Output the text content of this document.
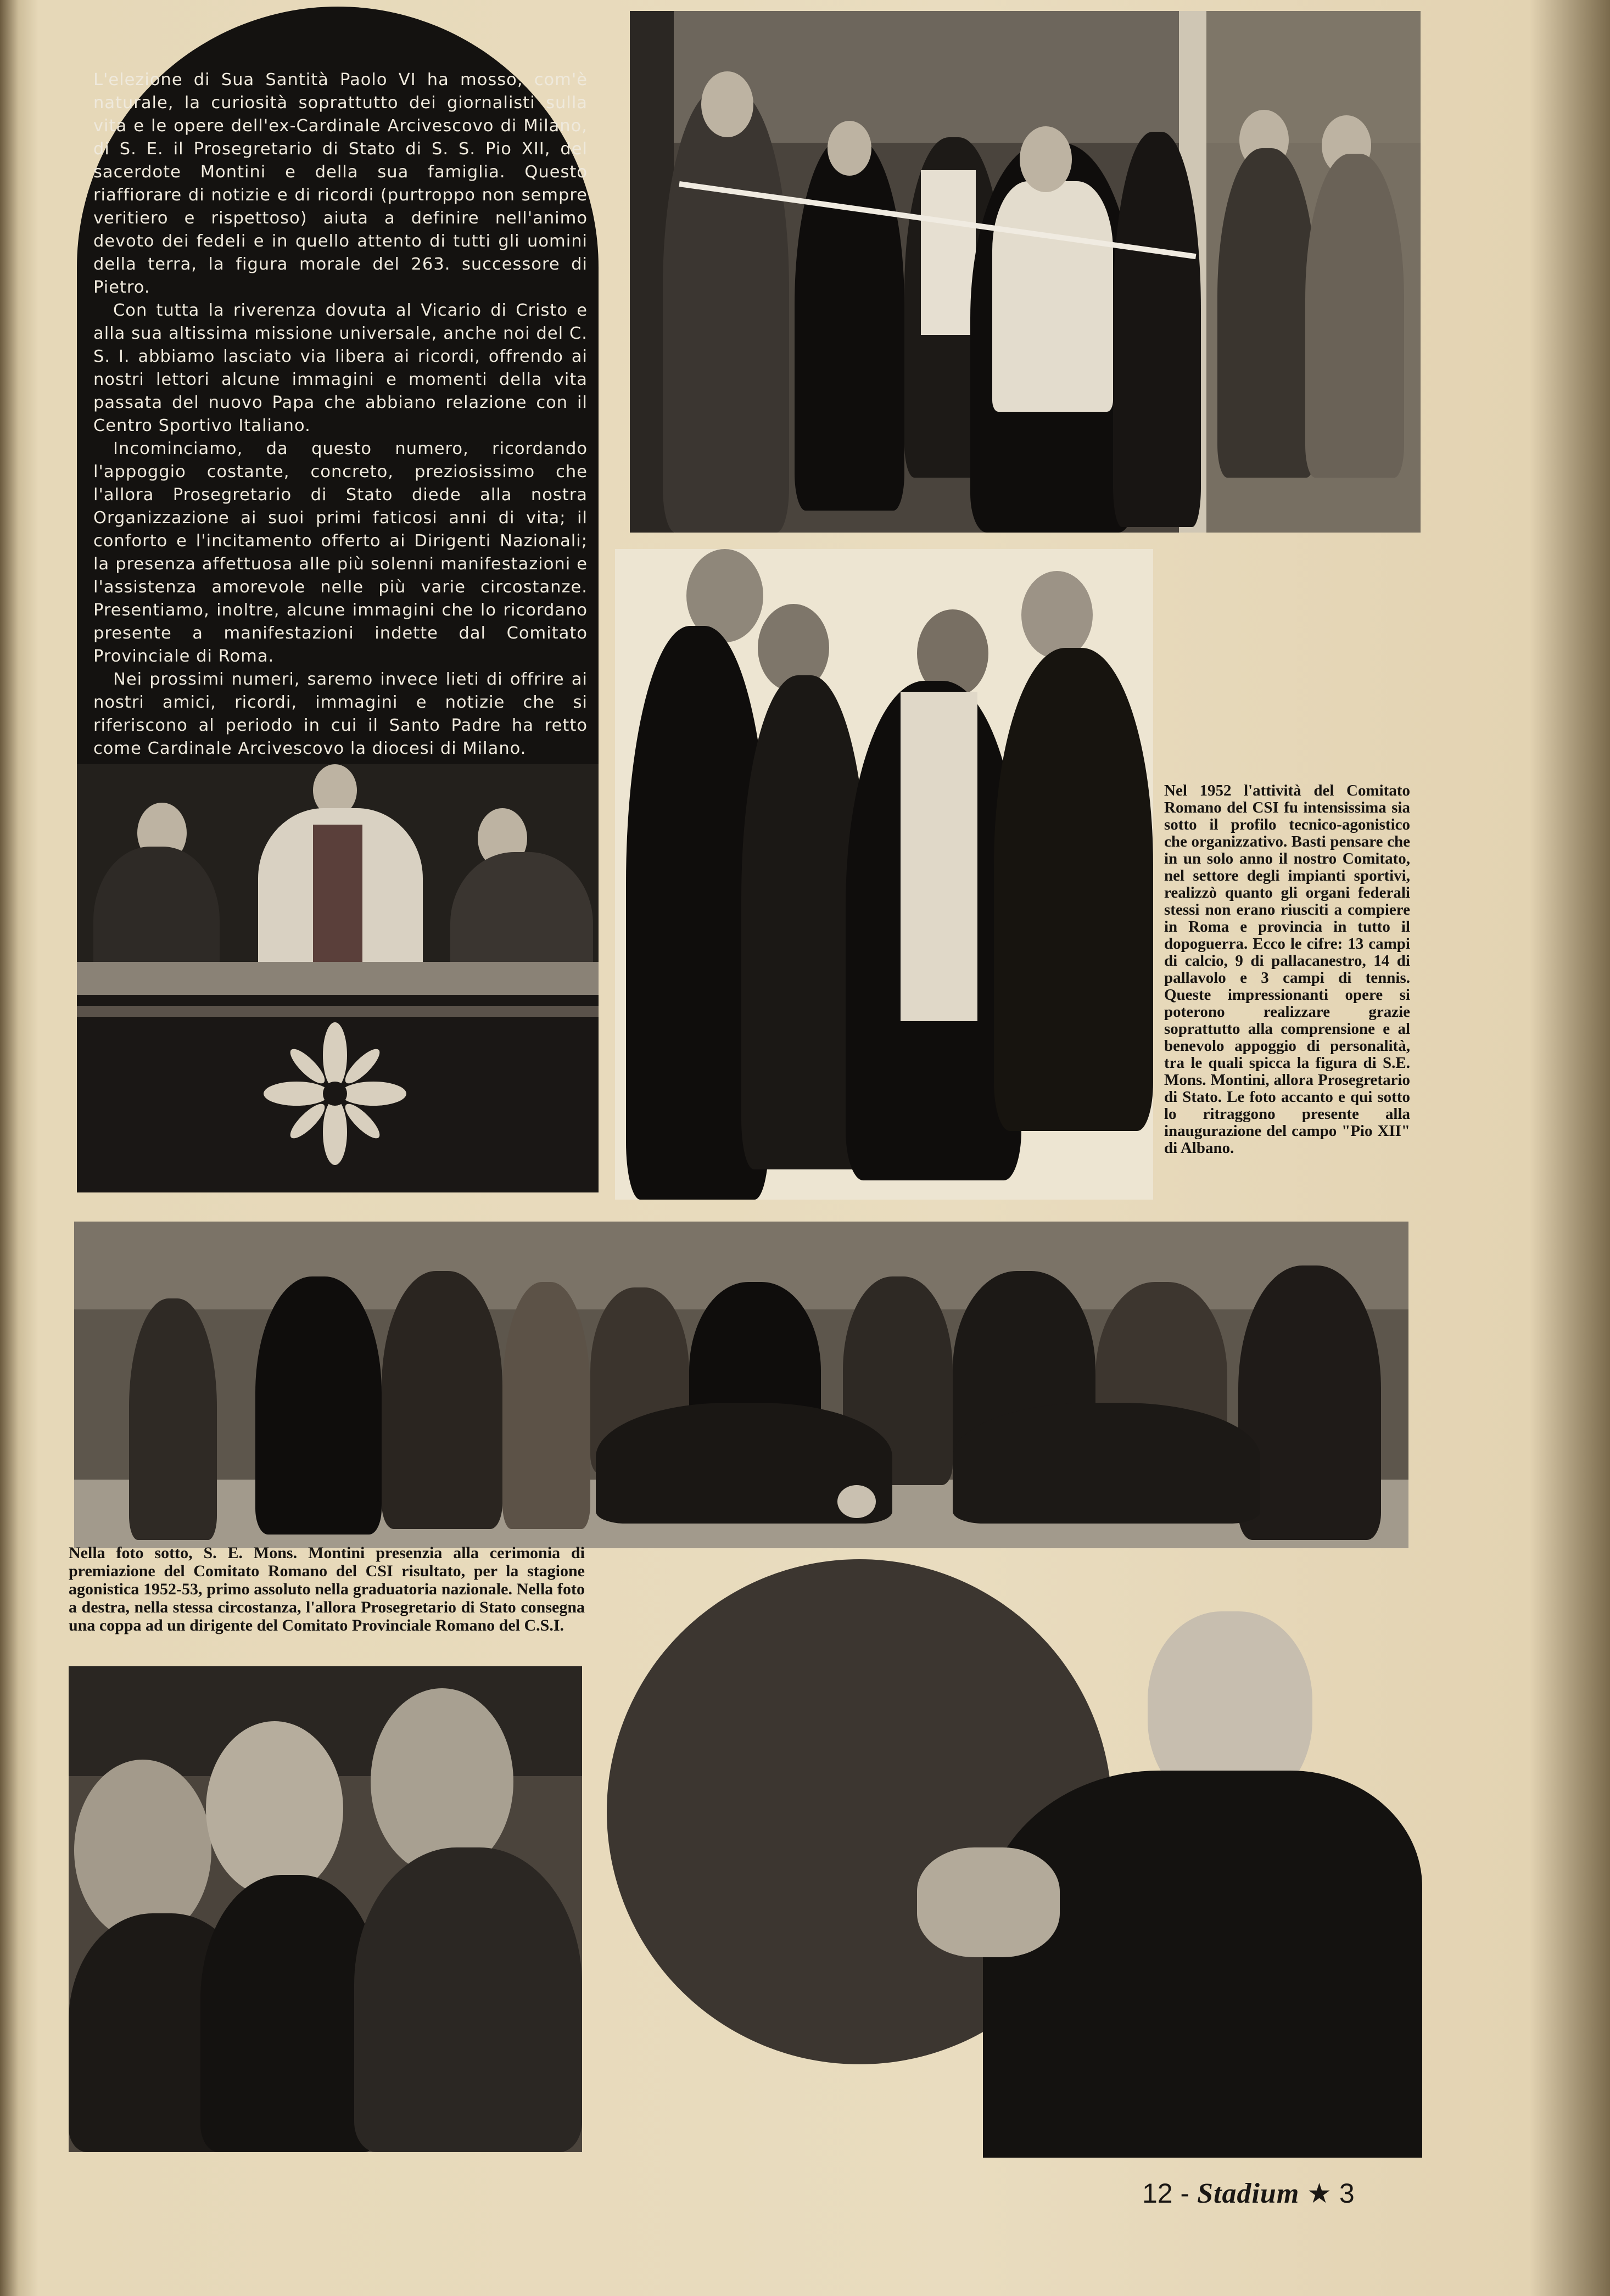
L'elezione di Sua Santità Paolo VI ha mosso, com'è naturale, la curiosità soprattutto dei giornalisti sulla vita e le opere dell'ex-Cardinale Arcivescovo di Milano, di S. E. il Prosegretario di Stato di S. S. Pio XII, del sacerdote Montini e della sua famiglia. Questo riaffiorare di notizie e di ricordi (purtroppo non sempre veritiero e rispettoso) aiuta a definire nell'animo devoto dei fedeli e in quello attento di tutti gli uomini della terra, la figura morale del 263. successore di Pietro.

Con tutta la riverenza dovuta al Vicario di Cristo e alla sua altissima missione universale, anche noi del C. S. I. abbiamo lasciato via libera ai ricordi, offrendo ai nostri lettori alcune immagini e momenti della vita passata del nuovo Papa che abbiano relazione con il Centro Sportivo Italiano.

Incominciamo, da questo numero, ricordando l'appoggio costante, concreto, preziosissimo che l'allora Prosegretario di Stato diede alla nostra Organizzazione ai suoi primi faticosi anni di vita; il conforto e l'incitamento offerto ai Dirigenti Nazionali; la presenza affettuosa alle più solenni manifestazioni e l'assistenza amorevole nelle più varie circostanze. Presentiamo, inoltre, alcune immagini che lo ricordano presente a manifestazioni indette dal Comitato Provinciale di Roma.

Nei prossimi numeri, saremo invece lieti di offrire ai nostri amici, ricordi, immagini e notizie che si riferiscono al periodo in cui il Santo Padre ha retto come Cardinale Arcivescovo la diocesi di Milano.

Nel 1952 l'attività del Comitato Romano del CSI fu intensissima sia sotto il profilo tecnico-agonistico che organizzativo. Basti pensare che in un solo anno il nostro Comitato, nel settore degli impianti sportivi, realizzò quanto gli organi federali stessi non erano riusciti a compiere in Roma e provincia in tutto il dopoguerra. Ecco le cifre: 13 campi di calcio, 9 di pallacanestro, 14 di pallavolo e 3 campi di tennis. Queste impressionanti opere si poterono realizzare grazie soprattutto alla comprensione e al benevolo appoggio di personalità, tra le quali spicca la figura di S.E. Mons. Montini, allora Prosegretario di Stato. Le foto accanto e qui sotto lo ritraggono presente alla inaugurazione del campo "Pio XII" di Albano.
Nella foto sotto, S. E. Mons. Montini presenzia alla cerimonia di premiazione del Comitato Romano del CSI risultato, per la stagione agonistica 1952-53, primo assoluto nella graduatoria nazionale. Nella foto a destra, nella stessa circostanza, l'allora Prosegretario di Stato consegna una coppa ad un dirigente del Comitato Provinciale Romano del C.S.I.
12 - Stadium ★ 3
